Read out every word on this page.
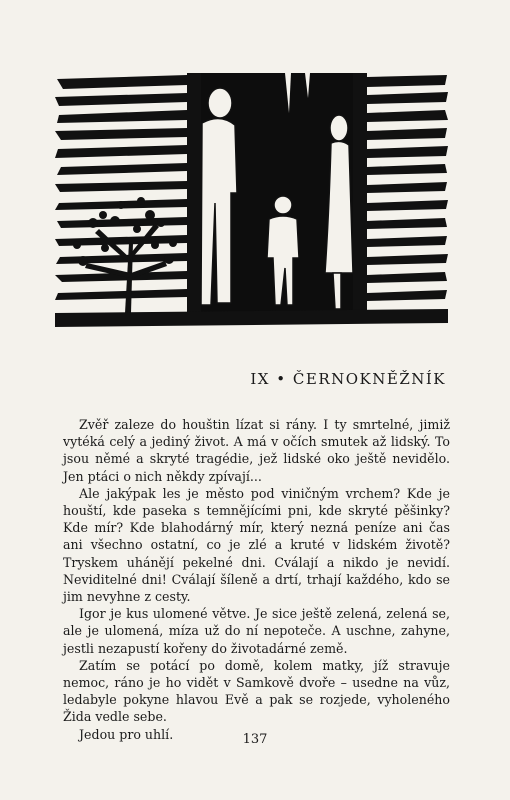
IX • ČERNOKNĚŽNÍK

Zvěř zaleze do houštin lízat si rány. I ty smrtelné, jimiž vytéká celý a jediný život. A má v očích smutek až lidský. To jsou němé a skryté tragédie, jež lidské oko ještě nevidělo. Jen ptáci o nich někdy zpívají...

Ale jakýpak les je město pod viničným vrchem? Kde je houští, kde paseka s temnějícími pni, kde skryté pěšinky? Kde mír? Kde blahodárný mír, který nezná peníze ani čas ani všechno ostatní, co je zlé a kruté v lidském životě? Tryskem uhánějí pekelné dni. Cválají a nikdo je nevidí. Neviditelné dni! Cválají šíleně a drtí, trhají každého, kdo se jim nevyhne z cesty.

Igor je kus ulomené větve. Je sice ještě zelená, zelená se, ale je ulomená, míza už do ní nepoteče. A uschne, zahyne, jestli nezapustí kořeny do životadárné země.

Zatím se potácí po domě, kolem matky, jíž stravuje nemoc, ráno je ho vidět v Samkově dvoře – usedne na vůz, ledabyle pokyne hlavou Evě a pak se rozjede, vyholeného Žida vedle sebe.

Jedou pro uhlí.	137
